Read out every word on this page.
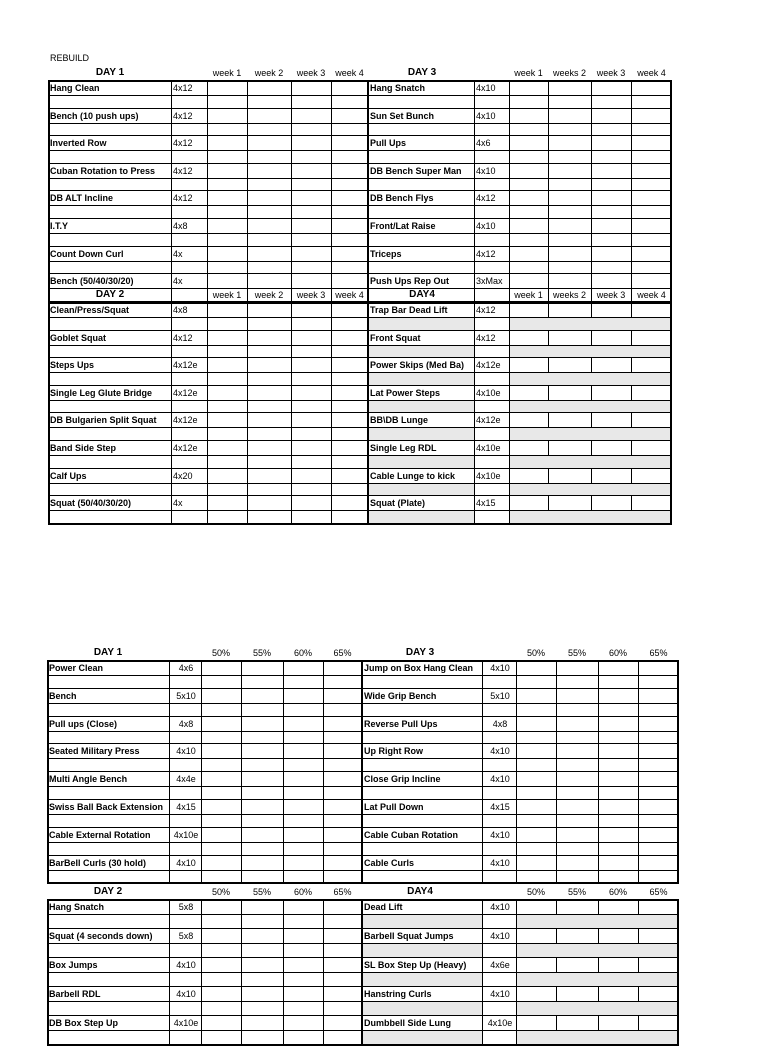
REBUILD
DAY 1	DAY 3
week 1 week 2 week 3 week 4	week 1 weeks 2 week 3 week 4
Hang Clean	4x12	Hang Snatch	4x10
Bench (10 push ups)	4x12	Sun Set Bunch	4x10
Inverted Row	4x12	Pull Ups	4x6
Cuban Rotation to Press	4x12	DB Bench Super Man	4x10
DB ALT Incline	4x12	DB Bench Flys	4x12
I.T.Y	4x8	Front/Lat Raise	4x10
Count Down Curl	4x	Triceps	4x12
Bench (50/40/30/20)	4x	Push Ups Rep Out	3xMax
DAY 2	DAY4
week 1 week 2 week 3 week 4	week 1 weeks 2 week 3 week 4
Clean/Press/Squat	4x8	Trap Bar Dead Lift	4x12
Goblet Squat	4x12	Front Squat	4x12
Steps Ups	4x12e	Power Skips (Med Ba)	4x12e
Single Leg Glute Bridge	4x12e	Lat Power Steps	4x10e
DB Bulgarien Split Squat	4x12e	BB\DB Lunge	4x12e
Band Side Step	4x12e	Single Leg RDL	4x10e
Calf Ups	4x20	Cable Lunge to kick	4x10e
Squat (50/40/30/20)	4x	Squat (Plate)	4x15
DAY 1	DAY 3
50%	55%	60% 65%	50%	55%	60% 65%
Power Clean	4x6	Jump on Box Hang Clean	4x10
Bench	5x10	Wide Grip Bench	5x10
Pull ups (Close)	4x8	Reverse Pull Ups	4x8
Seated Military Press	4x10	Up Right Row	4x10
Multi Angle Bench	4x4e	Close Grip Incline	4x10
Swiss Ball Back Extension	4x15	Lat Pull Down	4x15
Cable External Rotation	4x10e	Cable Cuban Rotation	4x10
BarBell Curls (30 hold)	4x10	Cable Curls	4x10
DAY 2	DAY4
50%	55%	60% 65%	50%	55%	60% 65%
Hang Snatch	5x8	Dead Lift	4x10
Squat (4 seconds down)	5x8	Barbell Squat Jumps	4x10
Box Jumps	4x10	SL Box Step Up (Heavy)	4x6e
Barbell RDL	4x10	Hanstring Curls	4x10
DB Box Step Up	4x10e	Dumbbell Side Lung	4x10e
